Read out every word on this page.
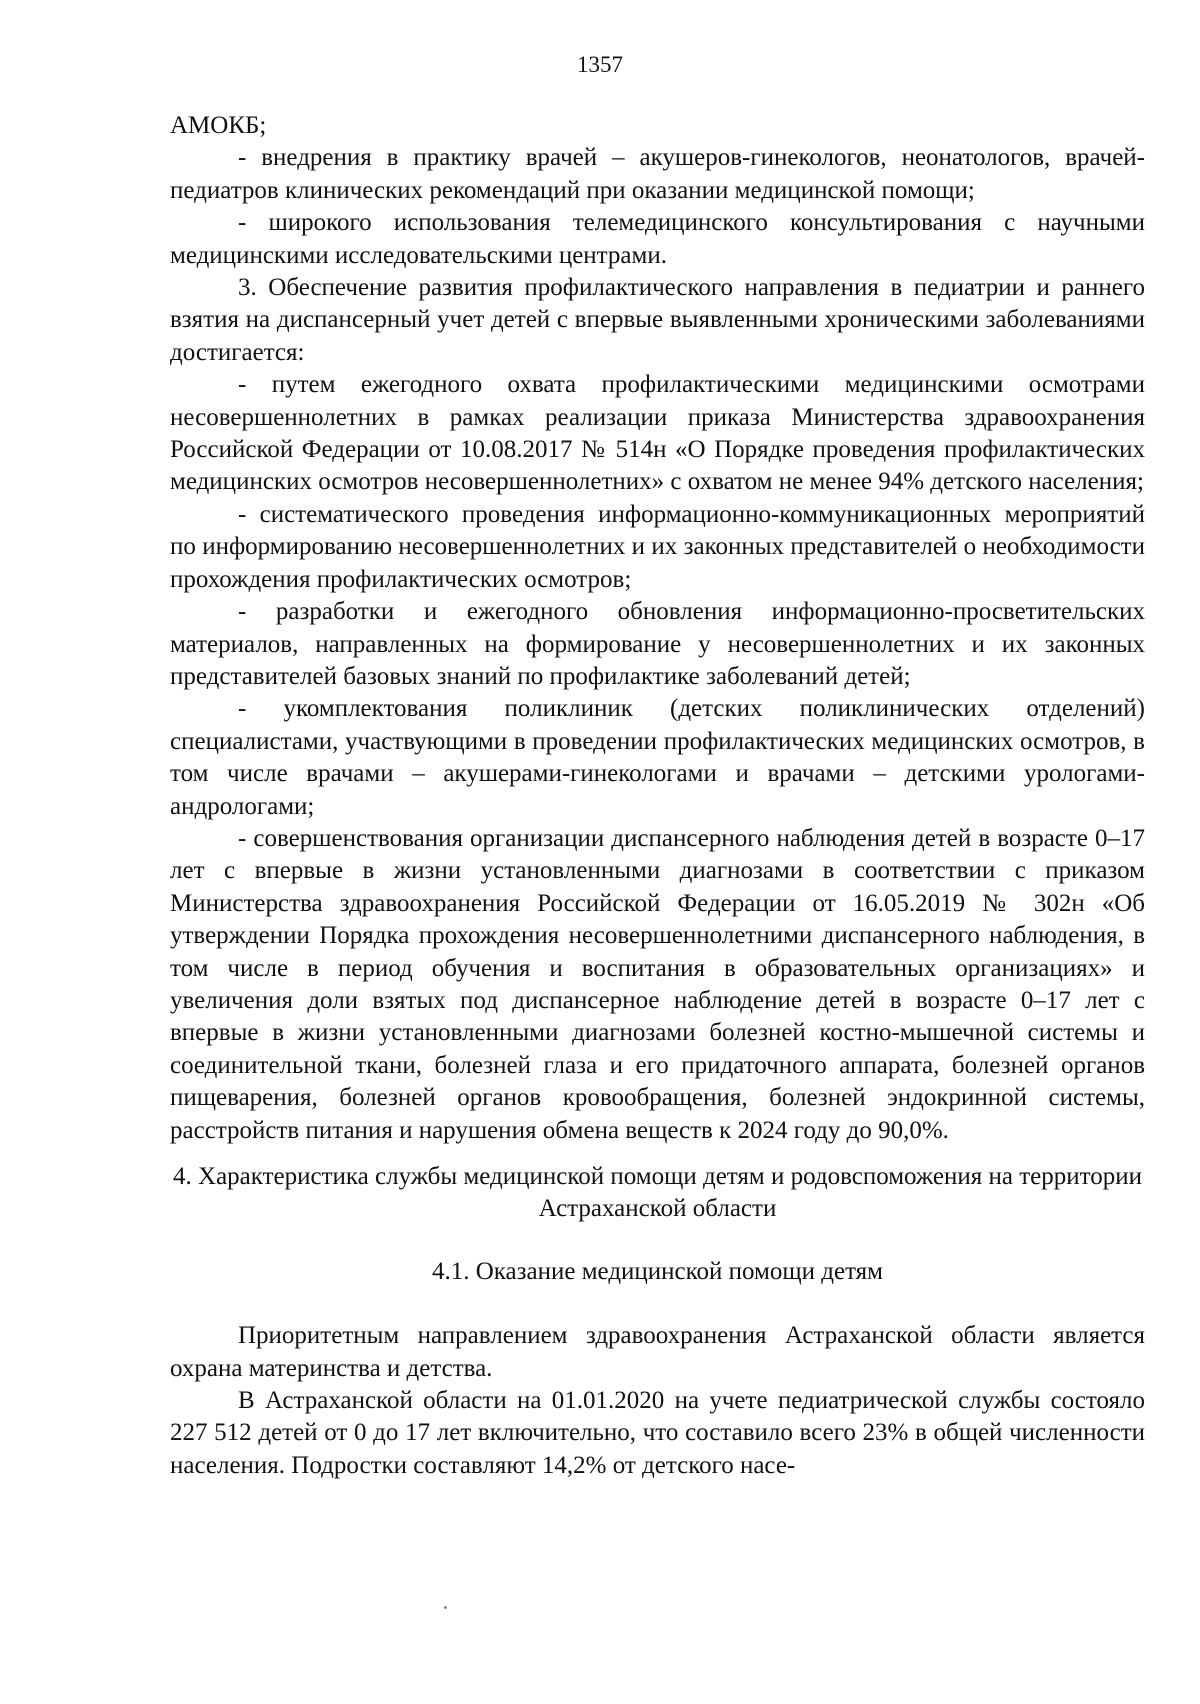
1357

АМОКБ;

- внедрения в практику врачей – акушеров-гинекологов, неонатологов, врачей-педиатров клинических рекомендаций при оказании медицинской помощи;

- широкого использования телемедицинского консультирования с научными медицинскими исследовательскими центрами.

3. Обеспечение развития профилактического направления в педиатрии и раннего взятия на диспансерный учет детей с впервые выявленными хроническими заболеваниями достигается:

- путем ежегодного охвата профилактическими медицинскими осмотрами несовершеннолетних в рамках реализации приказа Министерства здравоохранения Российской Федерации от 10.08.2017 № 514н «О Порядке проведения профилактических медицинских осмотров несовершеннолетних» с охватом не менее 94% детского населения;

- систематического проведения информационно-коммуникационных мероприятий по информированию несовершеннолетних и их законных представителей о необходимости прохождения профилактических осмотров;

- разработки и ежегодного обновления информационно-просветительских материалов, направленных на формирование у несовершеннолетних и их законных представителей базовых знаний по профилактике заболеваний детей;

- укомплектования поликлиник (детских поликлинических отделений) специалистами, участвующими в проведении профилактических медицинских осмотров, в том числе врачами – акушерами-гинекологами и врачами – детскими урологами-андрологами;

- совершенствования организации диспансерного наблюдения детей в возрасте 0–17 лет с впервые в жизни установленными диагнозами в соответствии с приказом Министерства здравоохранения Российской Федерации от 16.05.2019 № 302н «Об утверждении Порядка прохождения несовершеннолетними диспансерного наблюдения, в том числе в период обучения и воспитания в образовательных организациях» и увеличения доли взятых под диспансерное наблюдение детей в возрасте 0–17 лет с впервые в жизни установленными диагнозами болезней костно-мышечной системы и соединительной ткани, болезней глаза и его придаточного аппарата, болезней органов пищеварения, болезней органов кровообращения, болезней эндокринной системы, расстройств питания и нарушения обмена веществ к 2024 году до 90,0%.

4. Характеристика службы медицинской помощи детям и родовспоможения на территории Астраханской области

4.1. Оказание медицинской помощи детям

Приоритетным направлением здравоохранения Астраханской области является охрана материнства и детства.

В Астраханской области на 01.01.2020 на учете педиатрической службы состояло 227 512 детей от 0 до 17 лет включительно, что составило всего 23% в общей численности населения. Подростки составляют 14,2% от детского насе-
